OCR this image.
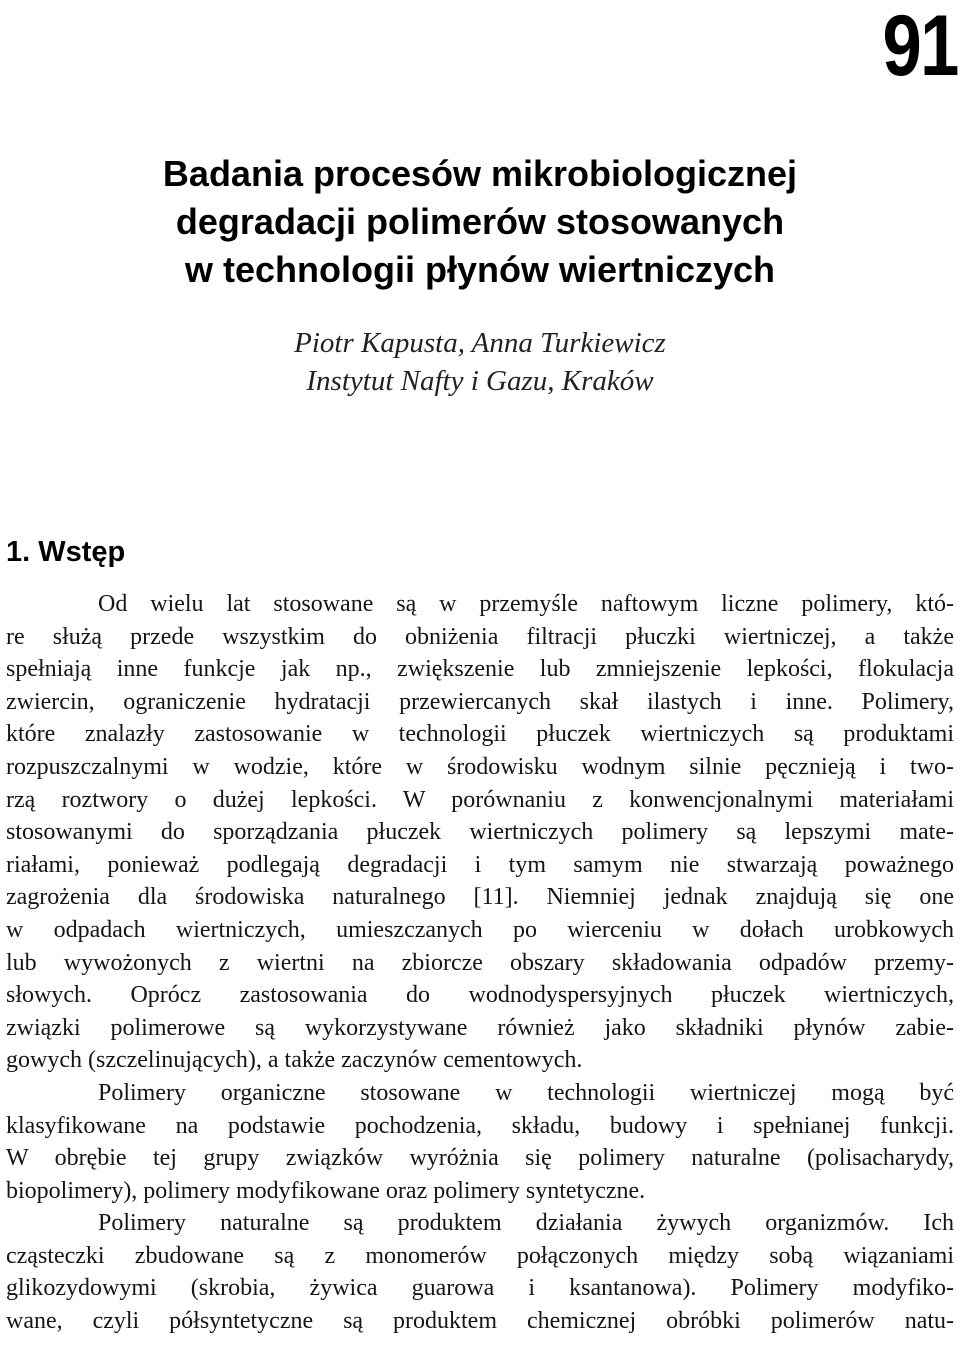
91
Badania procesów mikrobiologicznej
degradacji polimerów stosowanych
w technologii płynów wiertniczych
Piotr Kapusta, Anna Turkiewicz
Instytut Nafty i Gazu, Kraków
1. Wstęp
Od wielu lat stosowane są w przemyśle naftowym liczne polimery, któ-
re służą przede wszystkim do obniżenia filtracji płuczki wiertniczej, a także
spełniają inne funkcje jak np., zwiększenie lub zmniejszenie lepkości, flokulacja
zwiercin, ograniczenie hydratacji przewiercanych skał ilastych i inne. Polimery,
które znalazły zastosowanie w technologii płuczek wiertniczych są produktami
rozpuszczalnymi w wodzie, które w środowisku wodnym silnie pęcznieją i two-
rzą roztwory o dużej lepkości. W porównaniu z konwencjonalnymi materiałami
stosowanymi do sporządzania płuczek wiertniczych polimery są lepszymi mate-
riałami, ponieważ podlegają degradacji i tym samym nie stwarzają poważnego
zagrożenia dla środowiska naturalnego [11]. Niemniej jednak znajdują się one
w odpadach wiertniczych, umieszczanych po wierceniu w dołach urobkowych
lub wywożonych z wiertni na zbiorcze obszary składowania odpadów przemy-
słowych. Oprócz zastosowania do wodnodyspersyjnych płuczek wiertniczych,
związki polimerowe są wykorzystywane również jako składniki płynów zabie-
gowych (szczelinujących), a także zaczynów cementowych.
Polimery organiczne stosowane w technologii wiertniczej mogą być
klasyfikowane na podstawie pochodzenia, składu, budowy i spełnianej funkcji.
W obrębie tej grupy związków wyróżnia się polimery naturalne (polisacharydy,
biopolimery), polimery modyfikowane oraz polimery syntetyczne.
Polimery naturalne są produktem działania żywych organizmów. Ich
cząsteczki zbudowane są z monomerów połączonych między sobą wiązaniami
glikozydowymi (skrobia, żywica guarowa i ksantanowa). Polimery modyfiko-
wane, czyli półsyntetyczne są produktem chemicznej obróbki polimerów natu-
